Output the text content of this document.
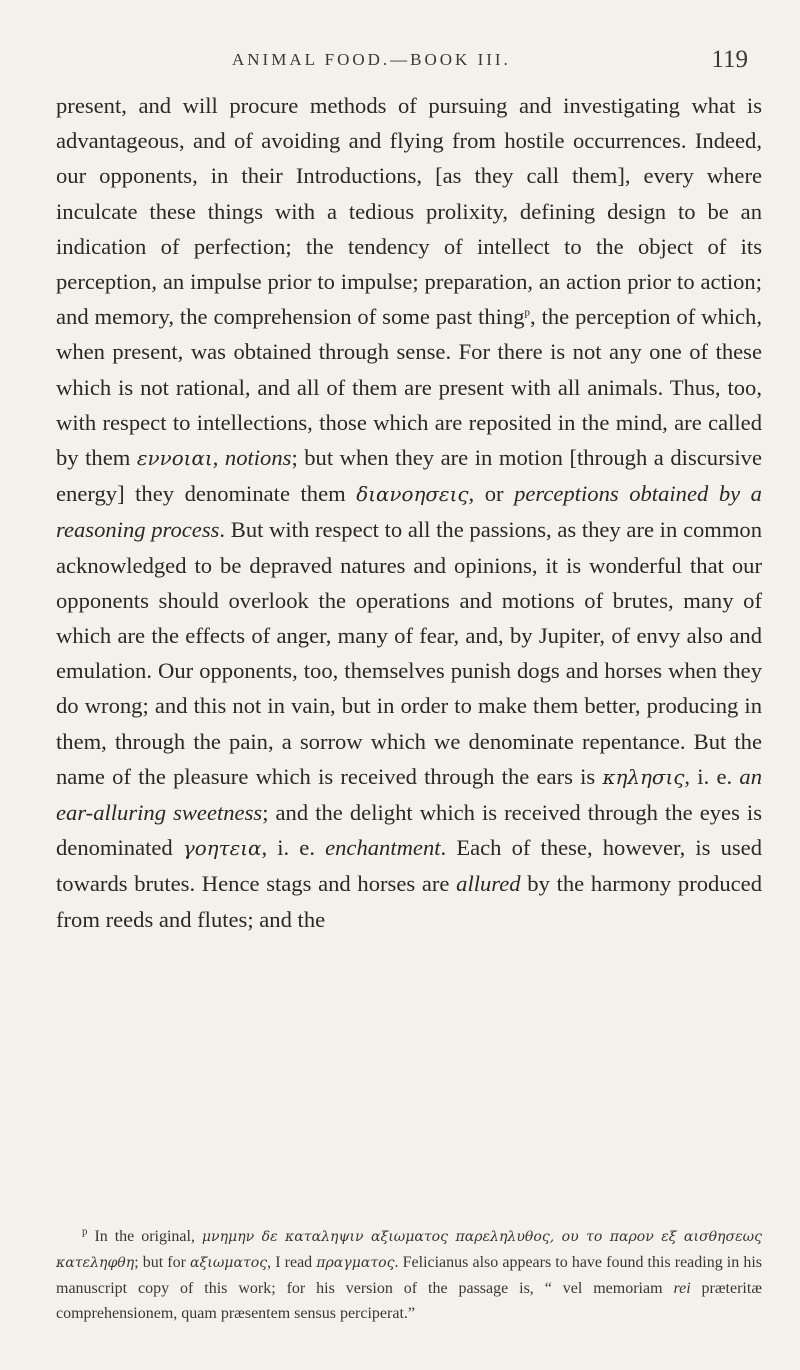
ANIMAL FOOD.—BOOK III.	119

present, and will procure methods of pursuing and investigating what is advantageous, and of avoiding and flying from hostile occurrences. Indeed, our opponents, in their Introductions, [as they call them], every where inculcate these things with a tedious prolixity, defining design to be an indication of perfection; the tendency of intellect to the object of its perception, an impulse prior to impulse; preparation, an action prior to action; and memory, the comprehension of some past thing$^p$, the perception of which, when present, was obtained through sense. For there is not any one of these which is not rational, and all of them are present with all animals. Thus, too, with respect to intellections, those which are reposited in the mind, are called by them εννοιαι, notions; but when they are in motion [through a discursive energy] they denominate them διανοησεις, or perceptions obtained by a reasoning process. But with respect to all the passions, as they are in common acknowledged to be depraved natures and opinions, it is wonderful that our opponents should overlook the operations and motions of brutes, many of which are the effects of anger, many of fear, and, by Jupiter, of envy also and emulation. Our opponents, too, themselves punish dogs and horses when they do wrong; and this not in vain, but in order to make them better, producing in them, through the pain, a sorrow which we denominate repentance. But the name of the pleasure which is received through the ears is κηλησις, i. e. an ear-alluring sweetness; and the delight which is received through the eyes is denominated γοητεια, i. e. enchantment. Each of these, however, is used towards brutes. Hence stags and horses are allured by the harmony produced from reeds and flutes; and the

$^p$ In the original, μνημην δε καταληψιν αξιωματος παρεληλυθος, ου το παρον εξ αισθησεως κατεληφθη; but for αξιωματος, I read πραγματος. Felicianus also appears to have found this reading in his manuscript copy of this work; for his version of the passage is, “ vel memoriam rei præteritæ comprehensionem, quam præsentem sensus perciperat.”
